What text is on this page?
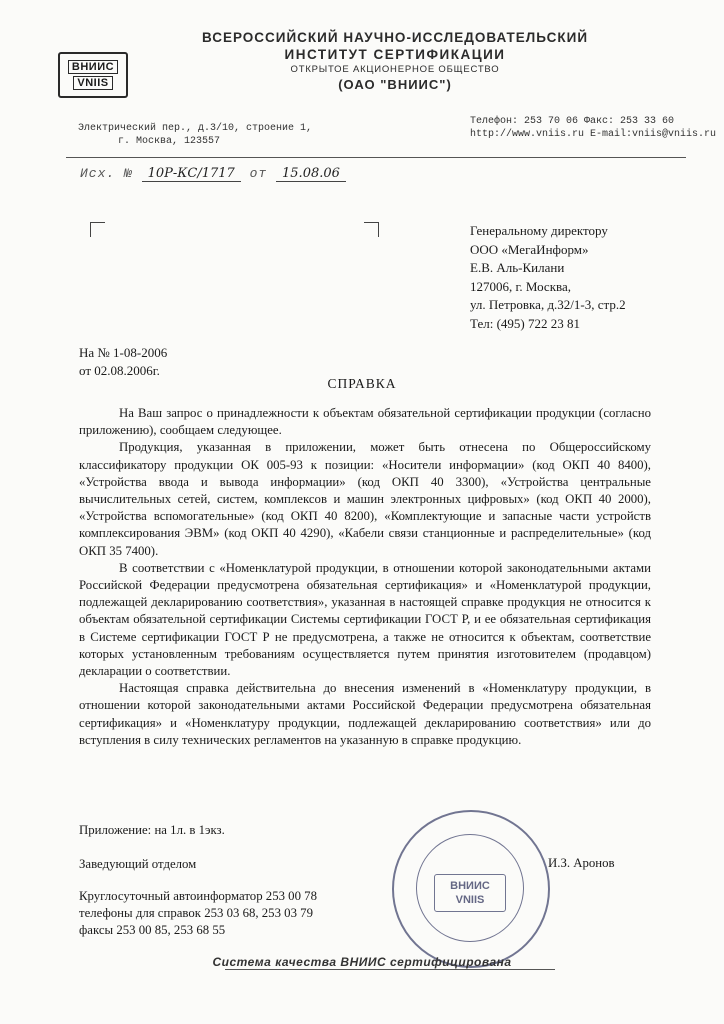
ВНИИС
VNIIS
ВСЕРОССИЙСКИЙ НАУЧНО-ИССЛЕДОВАТЕЛЬСКИЙ
ИНСТИТУТ СЕРТИФИКАЦИИ
ОТКРЫТОЕ АКЦИОНЕРНОЕ ОБЩЕСТВО
(ОАО "ВНИИС")
Электрический пер., д.3/10, строение 1,
г. Москва, 123557
Телефон: 253 70 06 Факс: 253 33 60
http://www.vniis.ru E-mail:vniis@vniis.ru
Исх. № 10Р-КС/1717 от 15.08.06
Генеральному директору
ООО «МегаИнформ»
Е.В. Аль-Килани
127006, г. Москва,
ул. Петровка, д.32/1-3, стр.2
Тел: (495) 722 23 81
На № 1-08-2006
от 02.08.2006г.
СПРАВКА

На Ваш запрос о принадлежности к объектам обязательной сертификации продукции (согласно приложению), сообщаем следующее.

Продукция, указанная в приложении, может быть отнесена по Общероссийскому классификатору продукции ОК 005-93 к позиции: «Носители информации» (код ОКП 40 8400), «Устройства ввода и вывода информации» (код ОКП 40 3300), «Устройства центральные вычислительных сетей, систем, комплексов и машин электронных цифровых» (код ОКП 40 2000), «Устройства вспомогательные» (код ОКП 40 8200), «Комплектующие и запасные части устройств комплексирования ЭВМ» (код ОКП 40 4290), «Кабели связи станционные и распределительные» (код ОКП 35 7400).

В соответствии с «Номенклатурой продукции, в отношении которой законодательными актами Российской Федерации предусмотрена обязательная сертификация» и «Номенклатурой продукции, подлежащей декларированию соответствия», указанная в настоящей справке продукция не относится к объектам обязательной сертификации Системы сертификации ГОСТ Р, и ее обязательная сертификация в Системе сертификации ГОСТ Р не предусмотрена, а также не относится к объектам, соответствие которых установленным требованиям осуществляется путем принятия изготовителем (продавцом) декларации о соответствии.

Настоящая справка действительна до внесения изменений в «Номенклатуру продукции, в отношении которой законодательными актами Российской Федерации предусмотрена обязательная сертификация» и «Номенклатуру продукции, подлежащей декларированию соответствия» или до вступления в силу технических регламентов на указанную в справке продукцию.

Приложение: на 1л. в 1экз.
Заведующий отделом	И.З. Аронов
Круглосуточный автоинформатор 253 00 78
телефоны для справок 253 03 68, 253 03 79
факсы 253 00 85, 253 68 55
ВНИИС
VNIIS
Система качества ВНИИС сертифицирована
